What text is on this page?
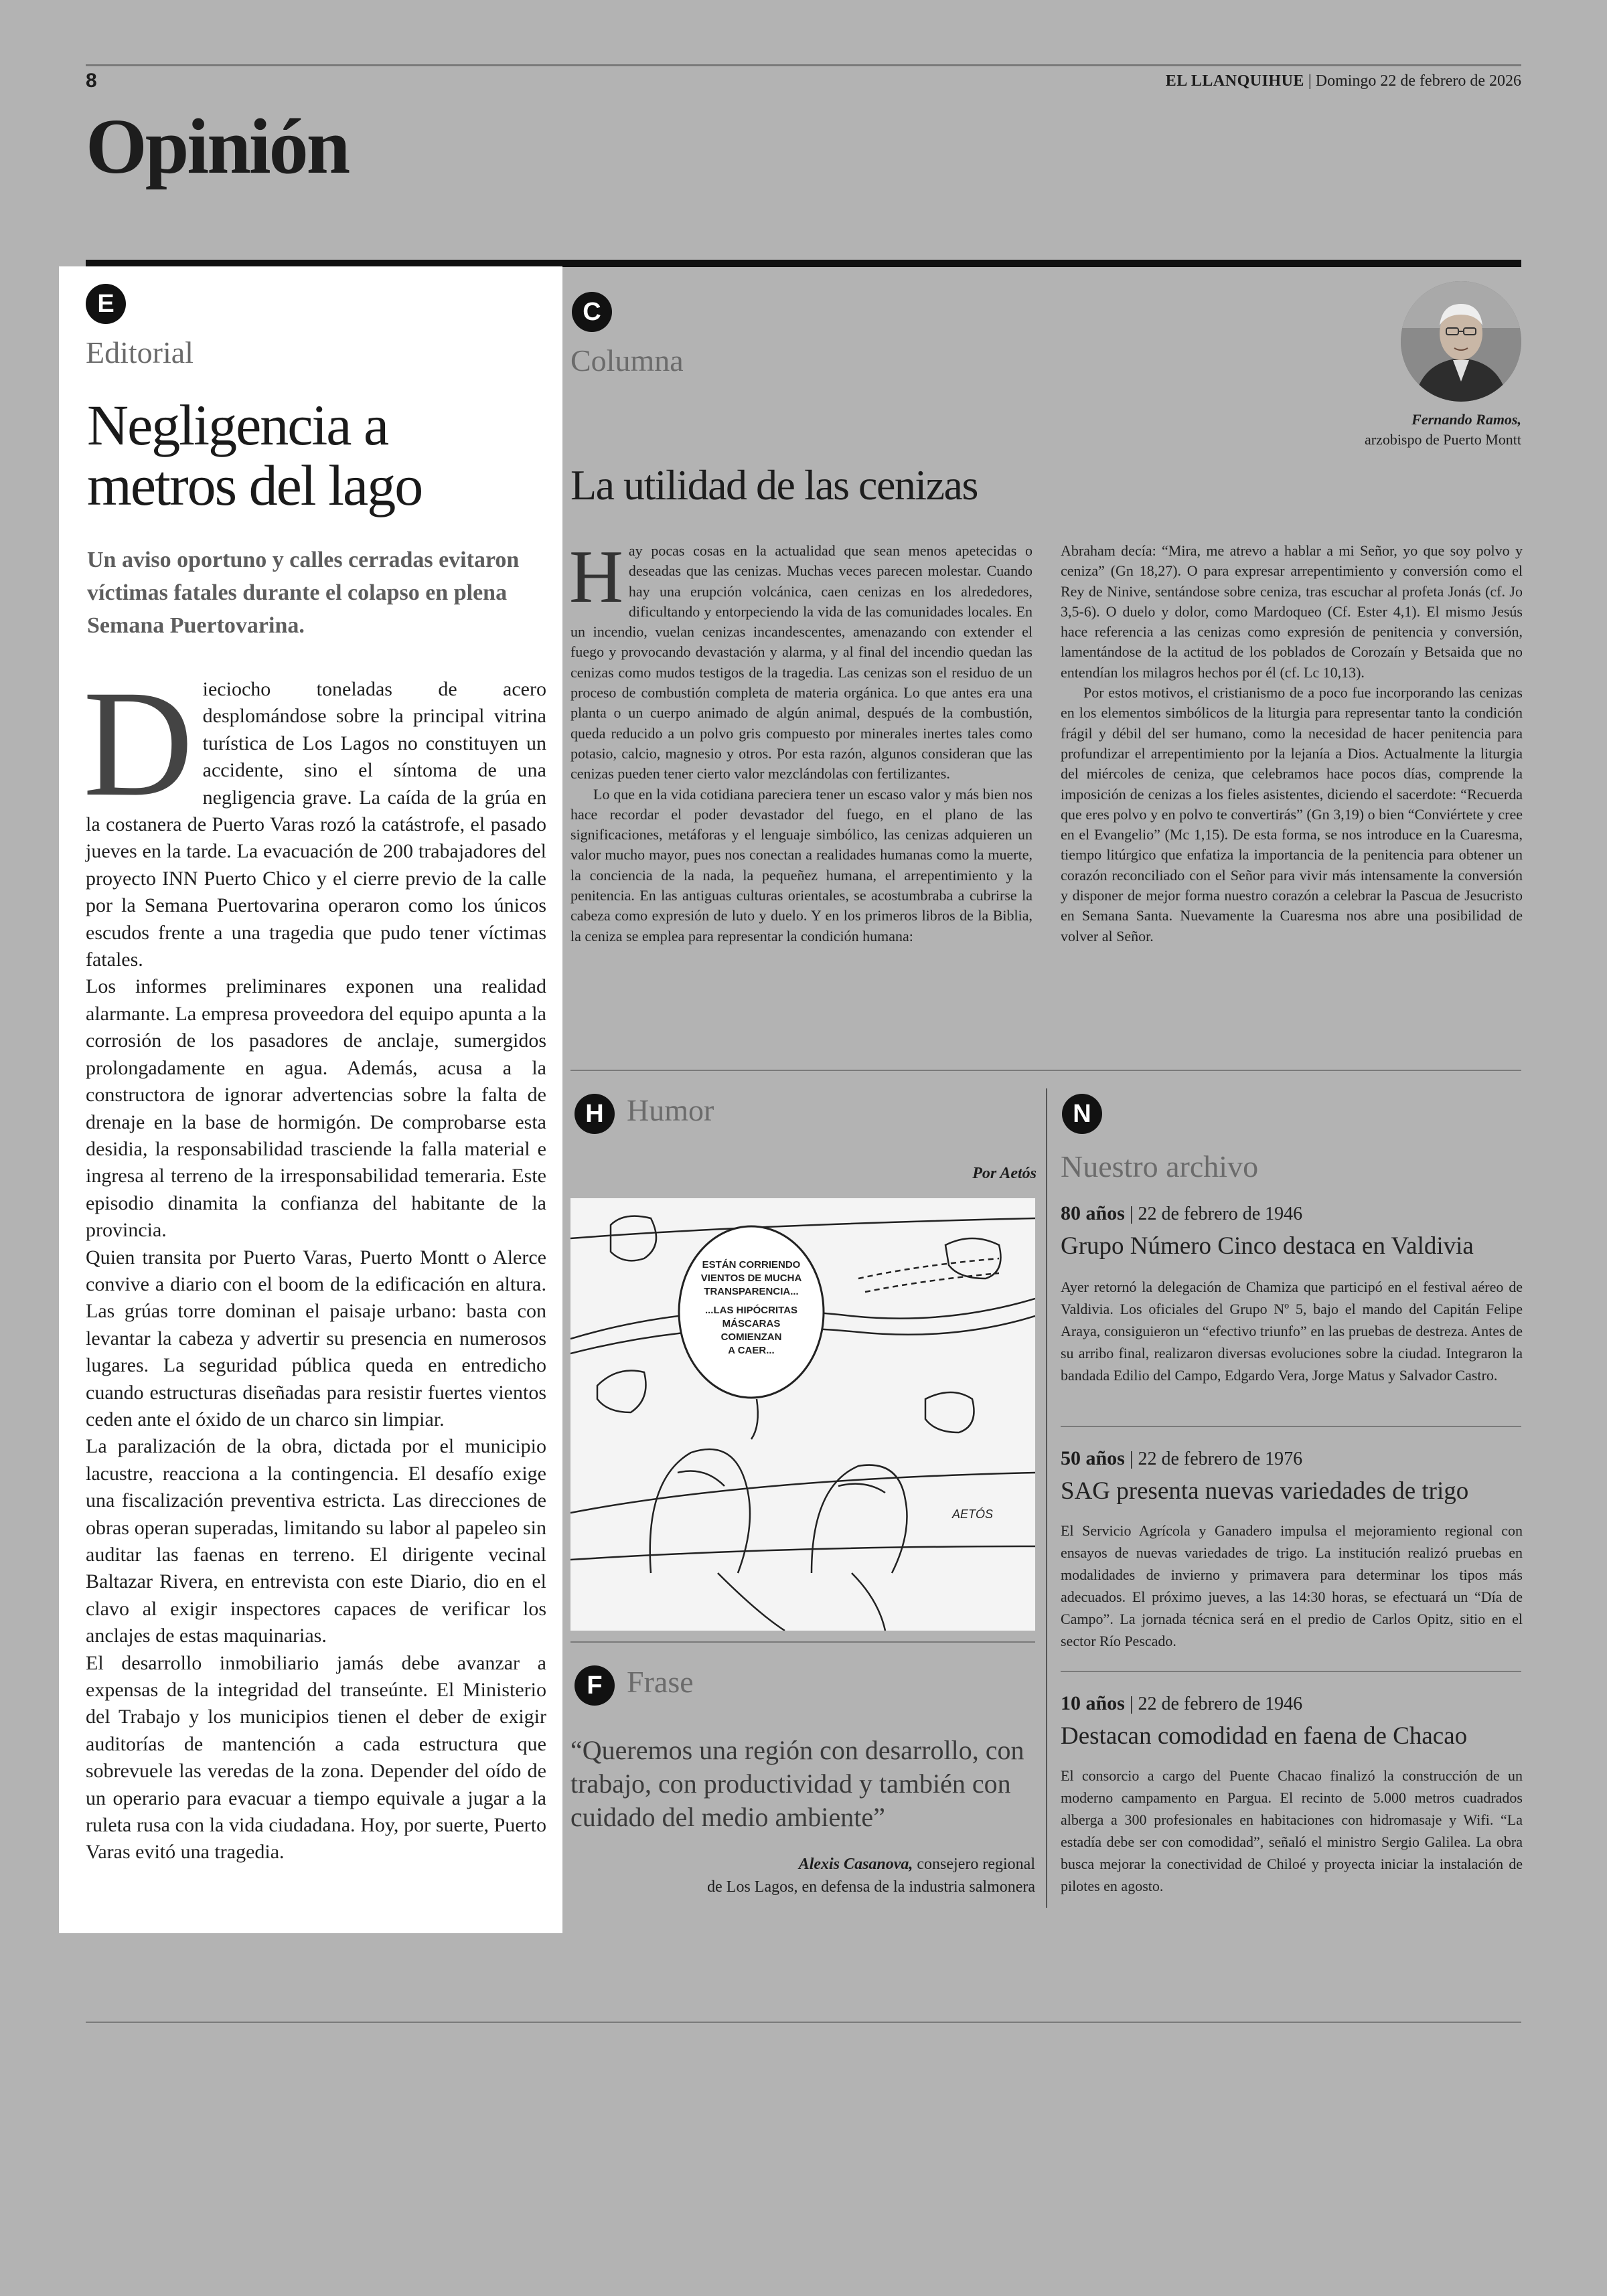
8	EL LLANQUIHUE | Domingo 22 de febrero de 2026
Opinión
E
Editorial
Negligencia a metros del lago
Un aviso oportuno y calles cerradas evitaron víctimas fatales durante el colapso en plena Semana Puertovarina.
D ieciocho toneladas de acero desplomándose sobre la principal vitrina turística de Los Lagos no constituyen un accidente, sino el síntoma de una negligencia grave. La caída de la grúa en la costanera de Puerto Varas rozó la catástrofe, el pasado jueves en la tarde. La evacuación de 200 trabajadores del proyecto INN Puerto Chico y el cierre previo de la calle por la Semana Puertovarina operaron como los únicos escudos frente a una tragedia que pudo tener víctimas fatales.

Los informes preliminares exponen una realidad alarmante. La empresa proveedora del equipo apunta a la corrosión de los pasadores de anclaje, sumergidos prolongadamente en agua. Además, acusa a la constructora de ignorar advertencias sobre la falta de drenaje en la base de hormigón. De comprobarse esta desidia, la responsabilidad trasciende la falla material e ingresa al terreno de la irresponsabilidad temeraria. Este episodio dinamita la confianza del habitante de la provincia.

Quien transita por Puerto Varas, Puerto Montt o Alerce convive a diario con el boom de la edificación en altura. Las grúas torre dominan el paisaje urbano: basta con levantar la cabeza y advertir su presencia en numerosos lugares. La seguridad pública queda en entredicho cuando estructuras diseñadas para resistir fuertes vientos ceden ante el óxido de un charco sin limpiar.

La paralización de la obra, dictada por el municipio lacustre, reacciona a la contingencia. El desafío exige una fiscalización preventiva estricta. Las direcciones de obras operan superadas, limitando su labor al papeleo sin auditar las faenas en terreno. El dirigente vecinal Baltazar Rivera, en entrevista con este Diario, dio en el clavo al exigir inspectores capaces de verificar los anclajes de estas maquinarias.

El desarrollo inmobiliario jamás debe avanzar a expensas de la integridad del transeúnte. El Ministerio del Trabajo y los municipios tienen el deber de exigir auditorías de mantención a cada estructura que sobrevuele las veredas de la zona. Depender del oído de un operario para evacuar a tiempo equivale a jugar a la ruleta rusa con la vida ciudadana. Hoy, por suerte, Puerto Varas evitó una tragedia.

C
Columna
Fernando Ramos,
arzobispo de Puerto Montt
La utilidad de las cenizas
H ay pocas cosas en la actualidad que sean menos apetecidas o deseadas que las cenizas. Muchas veces parecen molestar. Cuando hay una erupción volcánica, caen cenizas en los alrededores, dificultando y entorpeciendo la vida de las comunidades locales. En un incendio, vuelan cenizas incandescentes, amenazando con extender el fuego y provocando devastación y alarma, y al final del incendio quedan las cenizas como mudos testigos de la tragedia. Las cenizas son el residuo de un proceso de combustión completa de materia orgánica. Lo que antes era una planta o un cuerpo animado de algún animal, después de la combustión, queda reducido a un polvo gris compuesto por minerales inertes tales como potasio, calcio, magnesio y otros. Por esta razón, algunos consideran que las cenizas pueden tener cierto valor mezclándolas con fertilizantes.

Lo que en la vida cotidiana pareciera tener un escaso valor y más bien nos hace recordar el poder devastador del fuego, en el plano de las significaciones, metáforas y el lenguaje simbólico, las cenizas adquieren un valor mucho mayor, pues nos conectan a realidades humanas como la muerte, la conciencia de la nada, la pequeñez humana, el arrepentimiento y la penitencia. En las antiguas culturas orientales, se acostumbraba a cubrirse la cabeza como expresión de luto y duelo. Y en los primeros libros de la Biblia, la ceniza se emplea para representar la condición humana:

Abraham decía: “Mira, me atrevo a hablar a mi Señor, yo que soy polvo y ceniza” (Gn 18,27). O para expresar arrepentimiento y conversión como el Rey de Ninive, sentándose sobre ceniza, tras escuchar al profeta Jonás (cf. Jo 3,5-6). O duelo y dolor, como Mardoqueo (Cf. Ester 4,1). El mismo Jesús hace referencia a las cenizas como expresión de penitencia y conversión, lamentándose de la actitud de los poblados de Corozaín y Betsaida que no entendían los milagros hechos por él (cf. Lc 10,13).

Por estos motivos, el cristianismo de a poco fue incorporando las cenizas en los elementos simbólicos de la liturgia para representar tanto la condición frágil y débil del ser humano, como la necesidad de hacer penitencia para profundizar el arrepentimiento por la lejanía a Dios. Actualmente la liturgia del miércoles de ceniza, que celebramos hace pocos días, comprende la imposición de cenizas a los fieles asistentes, diciendo el sacerdote: “Recuerda que eres polvo y en polvo te convertirás” (Gn 3,19) o bien “Conviértete y cree en el Evangelio” (Mc 1,15). De esta forma, se nos introduce en la Cuaresma, tiempo litúrgico que enfatiza la importancia de la penitencia para obtener un corazón reconciliado con el Señor para vivir más intensamente la conversión y disponer de mejor forma nuestro corazón a celebrar la Pascua de Jesucristo en Semana Santa. Nuevamente la Cuaresma nos abre una posibilidad de volver al Señor.

H Humor
Por Aetós
ESTÁN CORRIENDO
VIENTOS DE MUCHA
TRANSPARENCIA...
...LAS HIPÓCRITAS
MÁSCARAS
COMIENZAN
A CAER...
AETÓS
F Frase
“Queremos una región con desarrollo, con trabajo, con productividad y también con cuidado del medio ambiente”
Alexis Casanova, consejero regional
de Los Lagos, en defensa de la industria salmonera
N
Nuestro archivo
80 años | 22 de febrero de 1946
Grupo Número Cinco destaca en Valdivia
Ayer retornó la delegación de Chamiza que participó en el festival aéreo de Valdivia. Los oficiales del Grupo Nº 5, bajo el mando del Capitán Felipe Araya, consiguieron un “efectivo triunfo” en las pruebas de destreza. Antes de su arribo final, realizaron diversas evoluciones sobre la ciudad. Integraron la bandada Edilio del Campo, Edgardo Vera, Jorge Matus y Salvador Castro.
50 años | 22 de febrero de 1976
SAG presenta nuevas variedades de trigo
El Servicio Agrícola y Ganadero impulsa el mejoramiento regional con ensayos de nuevas variedades de trigo. La institución realizó pruebas en modalidades de invierno y primavera para determinar los tipos más adecuados. El próximo jueves, a las 14:30 horas, se efectuará un “Día de Campo”. La jornada técnica será en el predio de Carlos Opitz, sitio en el sector Río Pescado.
10 años | 22 de febrero de 1946
Destacan comodidad en faena de Chacao
El consorcio a cargo del Puente Chacao finalizó la construcción de un moderno campamento en Pargua. El recinto de 5.000 metros cuadrados alberga a 300 profesionales en habitaciones con hidromasaje y Wifi. “La estadía debe ser con comodidad”, señaló el ministro Sergio Galilea. La obra busca mejorar la conectividad de Chiloé y proyecta iniciar la instalación de pilotes en agosto.
